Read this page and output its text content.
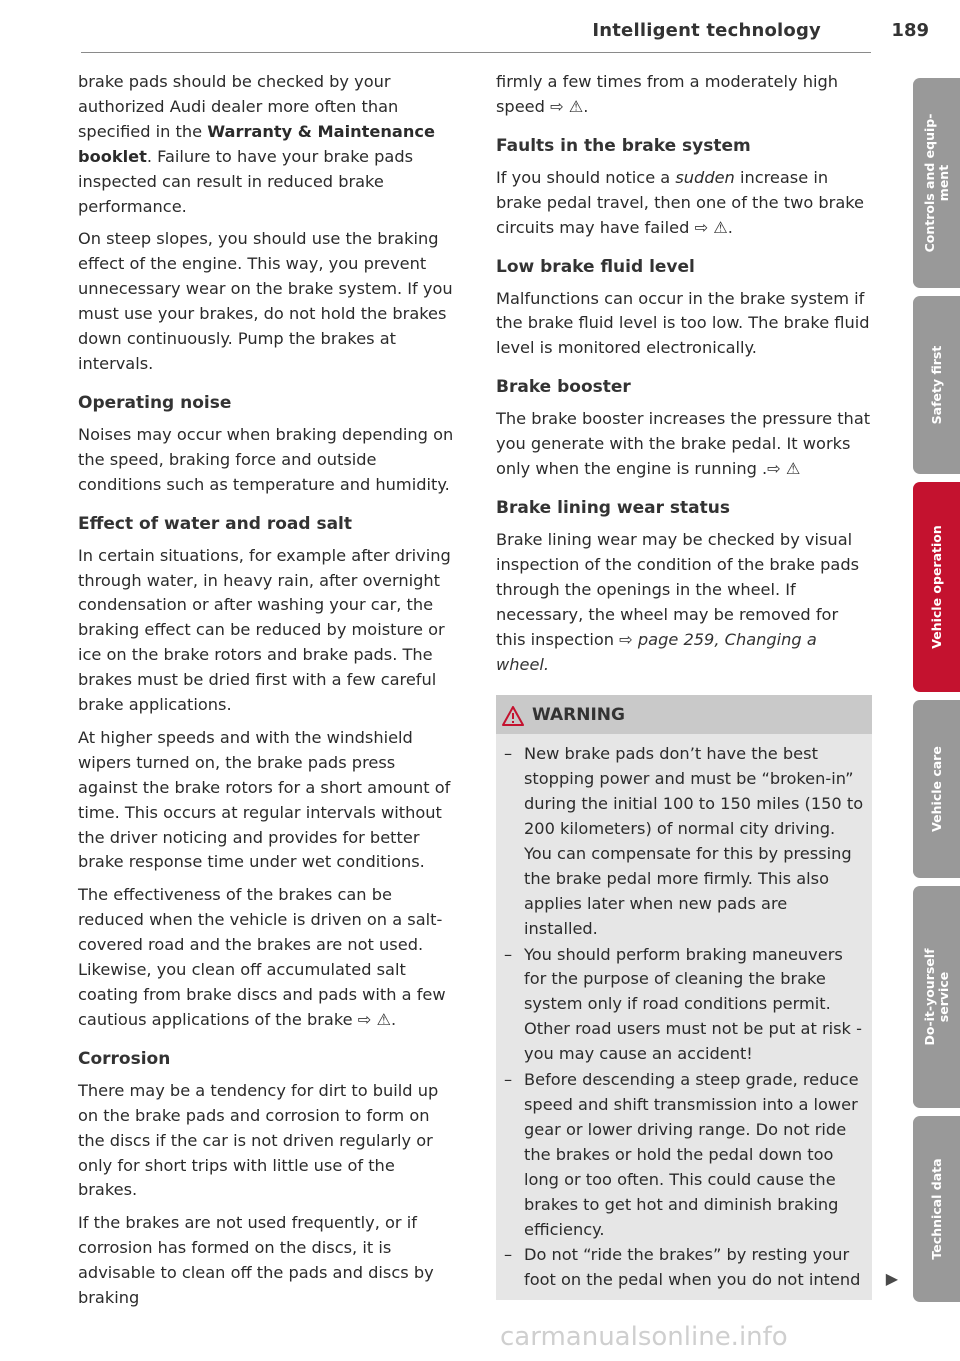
Intelligent technology	189

brake pads should be checked by your authorized Audi dealer more often than specified in the Warranty & Maintenance booklet. Failure to have your brake pads inspected can result in reduced brake performance.

On steep slopes, you should use the braking effect of the engine. This way, you prevent unnecessary wear on the brake system. If you must use your brakes, do not hold the brakes down continuously. Pump the brakes at intervals.

Operating noise

Noises may occur when braking depending on the speed, braking force and outside conditions such as temperature and humidity.

Effect of water and road salt

In certain situations, for example after driving through water, in heavy rain, after overnight condensation or after washing your car, the braking effect can be reduced by moisture or ice on the brake rotors and brake pads. The brakes must be dried first with a few careful brake applications.

At higher speeds and with the windshield wipers turned on, the brake pads press against the brake rotors for a short amount of time. This occurs at regular intervals without the driver noticing and provides for better brake response time under wet conditions.

The effectiveness of the brakes can be reduced when the vehicle is driven on a salt-covered road and the brakes are not used. Likewise, you clean off accumulated salt coating from brake discs and pads with a few cautious applications of the brake ⇨ ⚠.

Corrosion

There may be a tendency for dirt to build up on the brake pads and corrosion to form on the discs if the car is not driven regularly or only for short trips with little use of the brakes.

If the brakes are not used frequently, or if corrosion has formed on the discs, it is advisable to clean off the pads and discs by braking

firmly a few times from a moderately high speed ⇨ ⚠.

Faults in the brake system

If you should notice a sudden increase in brake pedal travel, then one of the two brake circuits may have failed ⇨ ⚠.

Low brake fluid level

Malfunctions can occur in the brake system if the brake fluid level is too low. The brake fluid level is monitored electronically.

Brake booster

The brake booster increases the pressure that you generate with the brake pedal. It works only when the engine is running .⇨ ⚠

Brake lining wear status

Brake lining wear may be checked by visual inspection of the condition of the brake pads through the openings in the wheel. If necessary, the wheel may be removed for this inspection ⇨ page 259, Changing a wheel.

WARNING
– New brake pads don’t have the best stopping power and must be “broken-in” during the initial 100 to 150 miles (150 to 200 kilometers) of normal city driving. You can compensate for this by pressing the brake pedal more firmly. This also applies later when new pads are installed.
– You should perform braking maneuvers for the purpose of cleaning the brake system only if road conditions permit. Other road users must not be put at risk - you may cause an accident!
– Before descending a steep grade, reduce speed and shift transmission into a lower gear or lower driving range. Do not ride the brakes or hold the pedal down too long or too often. This could cause the brakes to get hot and diminish braking efficiency.
– Do not “ride the brakes” by resting your foot on the pedal when you do not intend ▶
Controls and equip-
ment
Safety first
Vehicle operation
Vehicle care
Do-it-yourself
service
Technical data
carmanualsonline.info
